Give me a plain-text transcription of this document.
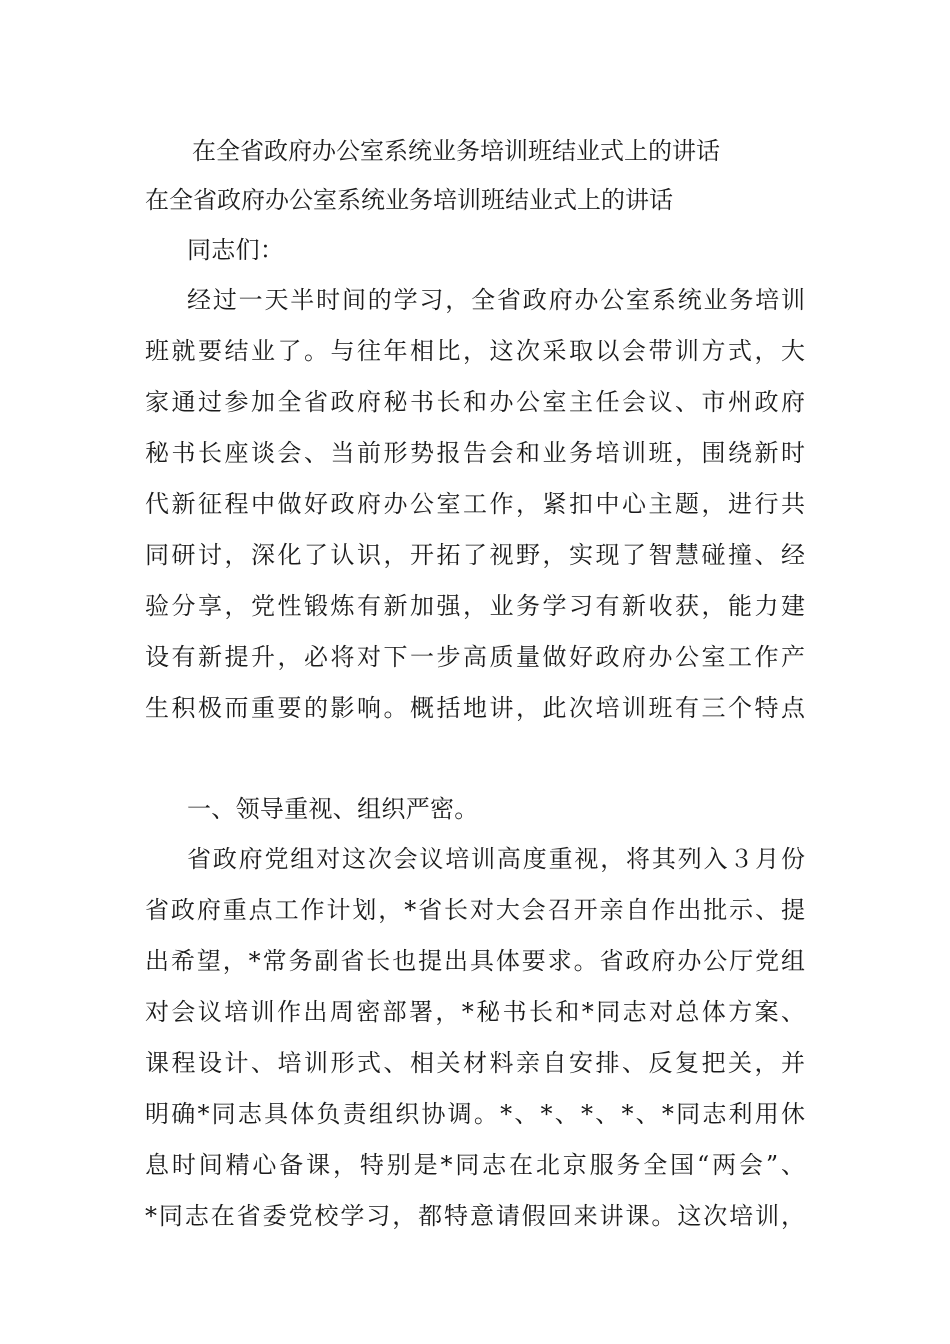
在全省政府办公室系统业务培训班结业式上的讲话
在全省政府办公室系统业务培训班结业式上的讲话
同志们：
经过一天半时间的学习，全省政府办公室系统业务培训
班就要结业了。与往年相比，这次采取以会带训方式，大
家通过参加全省政府秘书长和办公室主任会议、市州政府
秘书长座谈会、当前形势报告会和业务培训班，围绕新时
代新征程中做好政府办公室工作，紧扣中心主题，进行共
同研讨，深化了认识，开拓了视野，实现了智慧碰撞、经
验分享，党性锻炼有新加强，业务学习有新收获，能力建
设有新提升，必将对下一步高质量做好政府办公室工作产
生积极而重要的影响。概括地讲，此次培训班有三个特点
一、领导重视、组织严密。
省政府党组对这次会议培训高度重视，将其列入３月份
省政府重点工作计划，*省长对大会召开亲自作出批示、提
出希望，*常务副省长也提出具体要求。省政府办公厅党组
对会议培训作出周密部署，*秘书长和*同志对总体方案、
课程设计、培训形式、相关材料亲自安排、反复把关，并
明确*同志具体负责组织协调。*、*、*、*、*同志利用休
息时间精心备课，特别是*同志在北京服务全国“两会”、
*同志在省委党校学习，都特意请假回来讲课。这次培训，
